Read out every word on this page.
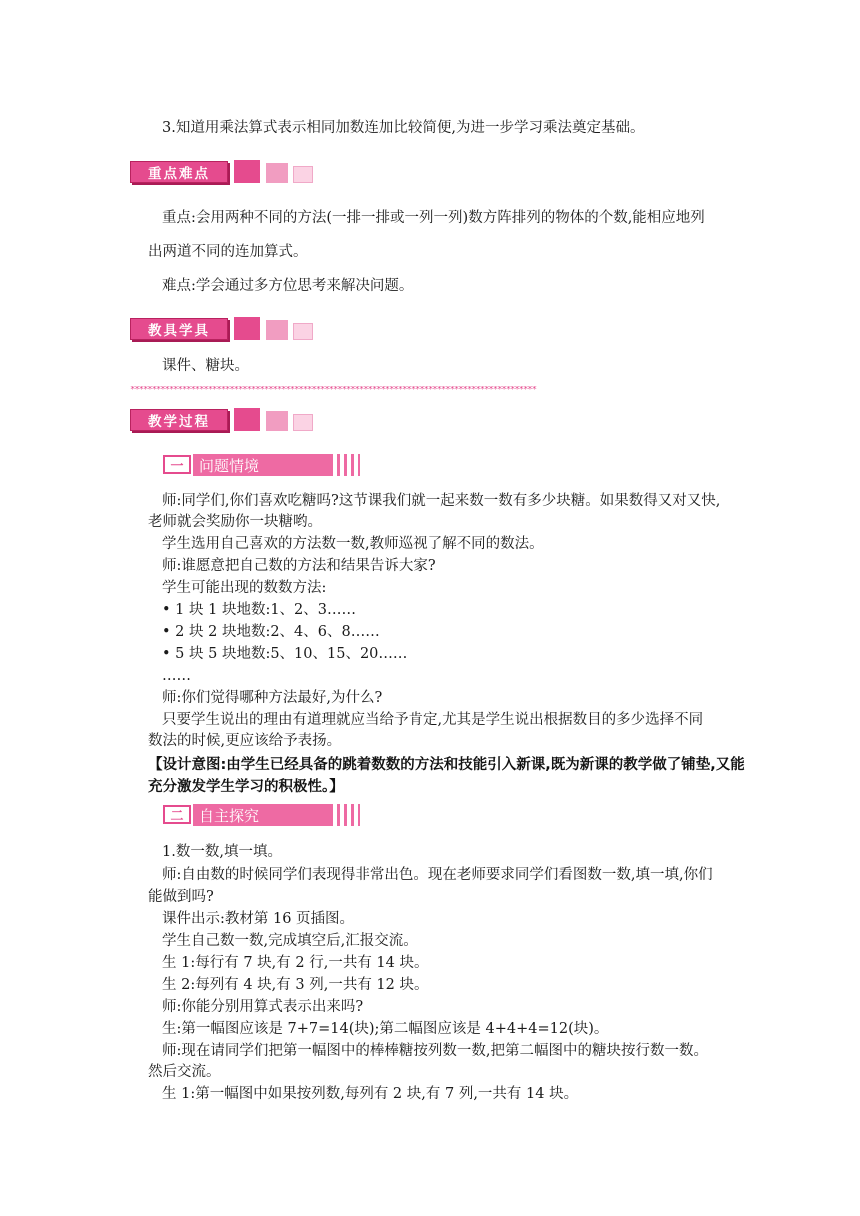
3.知道用乘法算式表示相同加数连加比较简便,为进一步学习乘法奠定基础。
重点难点
重点:会用两种不同的方法(一排一排或一列一列)数方阵排列的物体的个数,能相应地列
出两道不同的连加算式。
难点:学会通过多方位思考来解决问题。
教具学具
课件、糖块。
**********************************************************************************************
教学过程
一	问题情境
师:同学们,你们喜欢吃糖吗?这节课我们就一起来数一数有多少块糖。如果数得又对又快,
老师就会奖励你一块糖哟。
学生选用自己喜欢的方法数一数,教师巡视了解不同的数法。
师:谁愿意把自己数的方法和结果告诉大家?
学生可能出现的数数方法:
• 1 块 1 块地数:1、2、3……
• 2 块 2 块地数:2、4、6、8……
• 5 块 5 块地数:5、10、15、20……
……
师:你们觉得哪种方法最好,为什么?
只要学生说出的理由有道理就应当给予肯定,尤其是学生说出根据数目的多少选择不同
数法的时候,更应该给予表扬。
【设计意图:由学生已经具备的跳着数数的方法和技能引入新课,既为新课的教学做了铺垫,又能充分激发学生学习的积极性。】
二	自主探究
1.数一数,填一填。
师:自由数的时候同学们表现得非常出色。现在老师要求同学们看图数一数,填一填,你们
能做到吗?
课件出示:教材第 16 页插图。
学生自己数一数,完成填空后,汇报交流。
生 1:每行有 7 块,有 2 行,一共有 14 块。
生 2:每列有 4 块,有 3 列,一共有 12 块。
师:你能分别用算式表示出来吗?
生:第一幅图应该是 7+7=14(块);第二幅图应该是 4+4+4=12(块)。
师:现在请同学们把第一幅图中的棒棒糖按列数一数,把第二幅图中的糖块按行数一数。
然后交流。
生 1:第一幅图中如果按列数,每列有 2 块,有 7 列,一共有 14 块。
